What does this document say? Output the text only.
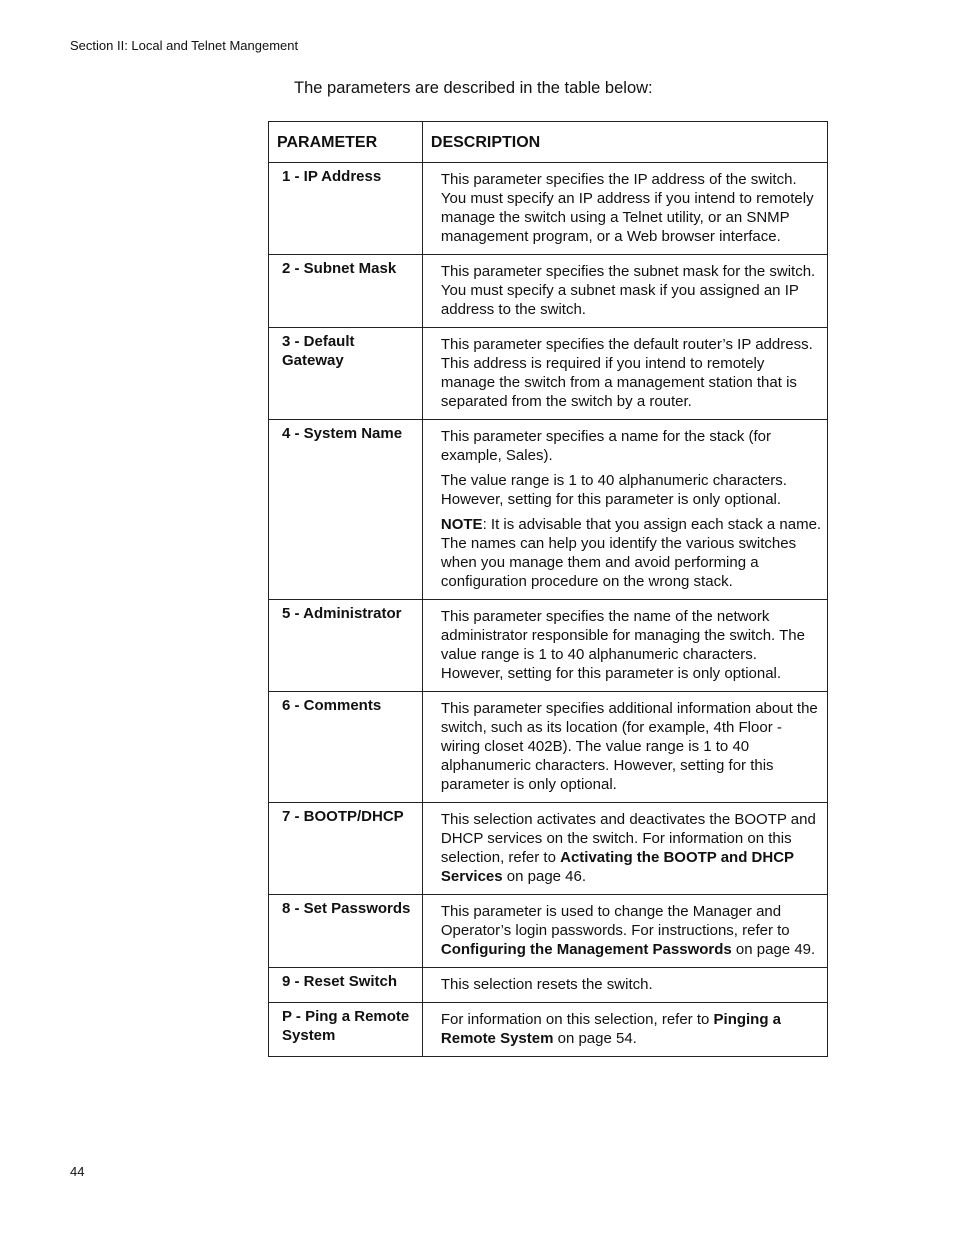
Section II: Local and Telnet Mangement
The parameters are described in the table below:
PARAMETER	DESCRIPTION
1 - IP Address	This parameter specifies the IP address of the switch. You must specify an IP address if you intend to remotely manage the switch using a Telnet utility, or an SNMP management program, or a Web browser interface.

2 - Subnet Mask	This parameter specifies the subnet mask for the switch. You must specify a subnet mask if you assigned an IP address to the switch.

3 - Default Gateway	This parameter specifies the default router’s IP address. This address is required if you intend to remotely manage the switch from a management station that is separated from the switch by a router.

4 - System Name	This parameter specifies a name for the stack (for example, Sales).

The value range is 1 to 40 alphanumeric characters. However, setting for this parameter is only optional.

NOTE: It is advisable that you assign each stack a name. The names can help you identify the various switches when you manage them and avoid performing a configuration procedure on the wrong stack.

5 - Administrator	This parameter specifies the name of the network administrator responsible for managing the switch. The value range is 1 to 40 alphanumeric characters. However, setting for this parameter is only optional.

6 - Comments	This parameter specifies additional information about the switch, such as its location (for example, 4th Floor - wiring closet 402B). The value range is 1 to 40 alphanumeric characters. However, setting for this parameter is only optional.

7 - BOOTP/DHCP	This selection activates and deactivates the BOOTP and DHCP services on the switch. For information on this selection, refer to Activating the BOOTP and DHCP Services on page 46.

8 - Set Passwords	This parameter is used to change the Manager and Operator’s login passwords. For instructions, refer to Configuring the Management Passwords on page 49.

9 - Reset Switch	This selection resets the switch.

P - Ping a Remote System	For information on this selection, refer to Pinging a Remote System on page 54.

44
